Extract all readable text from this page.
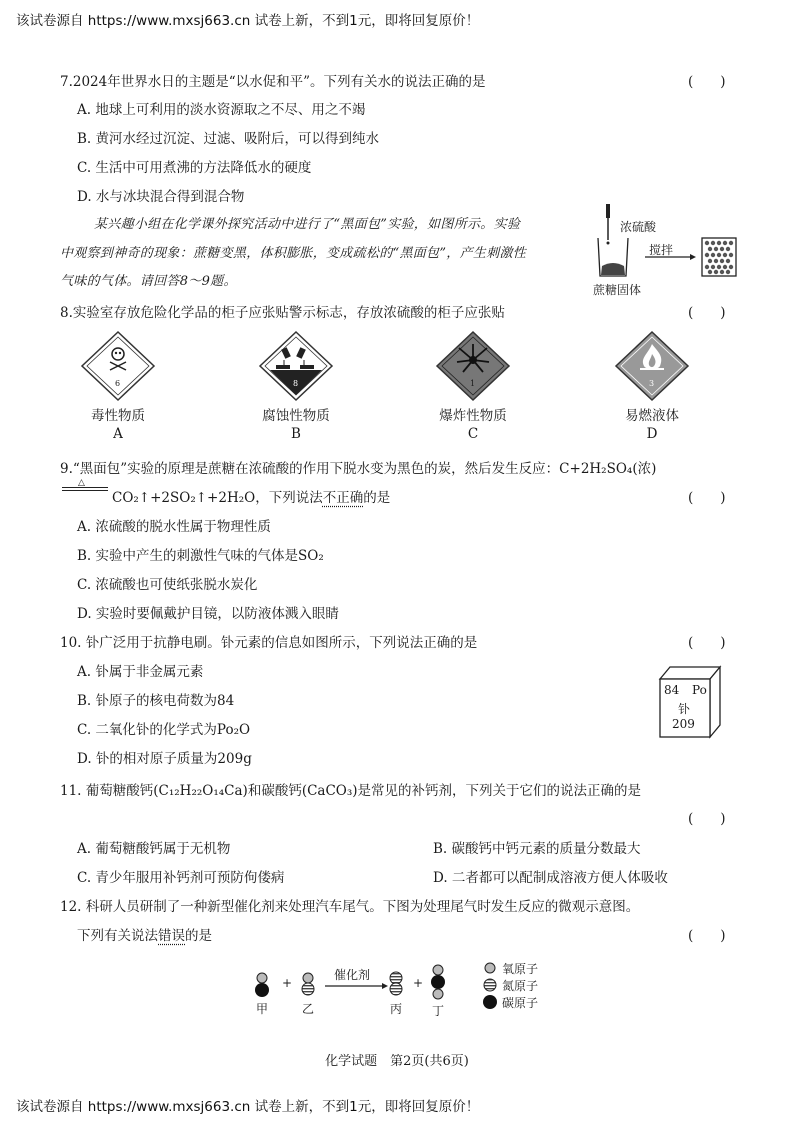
该试卷源自 https://www.mxsj663.cn 试卷上新，不到1元，即将回复原价！
7.2024年世界水日的主题是“以水促和平”。下列有关水的说法正确的是	(　　)
A. 地球上可利用的淡水资源取之不尽、用之不竭
B. 黄河水经过沉淀、过滤、吸附后，可以得到纯水
C. 生活中可用煮沸的方法降低水的硬度
D. 水与冰块混合得到混合物
某兴趣小组在化学课外探究活动中进行了“黑面包”实验，如图所示。实验
中观察到神奇的现象：蔗糖变黑，体积膨胀，变成疏松的“黑面包”，产生刺激性
气味的气体。请回答8～9题。
浓硫酸
搅拌
蔗糖固体
8.实验室存放危险化学品的柜子应张贴警示标志，存放浓硫酸的柜子应张贴	(　　)
6	8	1	3
毒性物质	腐蚀性物质	爆炸性物质	易燃液体
A	B	C	D
9.“黑面包”实验的原理是蔗糖在浓硫酸的作用下脱水变为黑色的炭，然后发生反应：C+2H₂SO₄(浓)
△
CO₂↑+2SO₂↑+2H₂O，下列说法不正确的是	(　　)
A. 浓硫酸的脱水性属于物理性质
B. 实验中产生的刺激性气味的气体是SO₂
C. 浓硫酸也可使纸张脱水炭化
D. 实验时要佩戴护目镜，以防液体溅入眼睛
10. 钋广泛用于抗静电刷。钋元素的信息如图所示，下列说法正确的是	(　　)
A. 钋属于非金属元素
B. 钋原子的核电荷数为84
C. 二氧化钋的化学式为Po₂O
D. 钋的相对原子质量为209g
84 Po
钋
209
11. 葡萄糖酸钙(C₁₂H₂₂O₁₄Ca)和碳酸钙(CaCO₃)是常见的补钙剂，下列关于它们的说法正确的是
(　　)
A. 葡萄糖酸钙属于无机物	B. 碳酸钙中钙元素的质量分数最大
C. 青少年服用补钙剂可预防佝偻病	D. 二者都可以配制成溶液方便人体吸收
12. 科研人员研制了一种新型催化剂来处理汽车尾气。下图为处理尾气时发生反应的微观示意图。
下列有关说法错误的是	(　　)
+	+
催化剂
甲	乙	丙 丁
氧原子
氮原子
碳原子
化学试题　第2页(共6页)
该试卷源自 https://www.mxsj663.cn 试卷上新，不到1元，即将回复原价！
